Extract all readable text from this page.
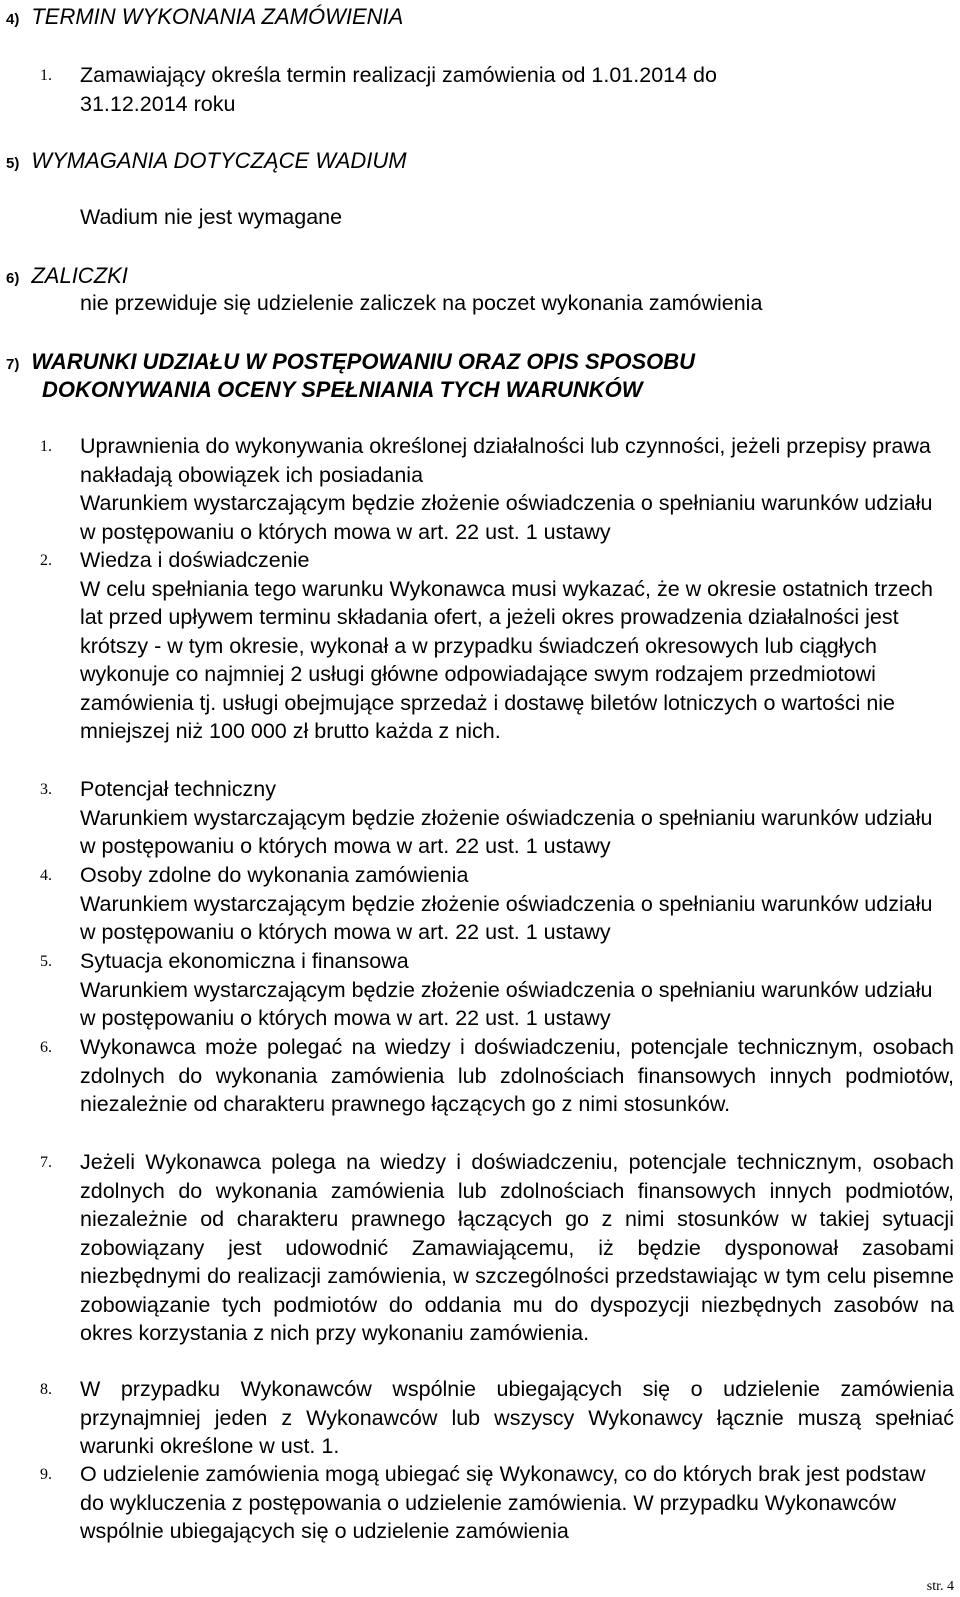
4) TERMIN WYKONANIA ZAMÓWIENIA
1.	Zamawiający określa termin realizacji zamówienia od 1.01.2014 do

31.12.2014 roku

5) WYMAGANIA DOTYCZĄCE WADIUM
Wadium nie jest wymagane
6) ZALICZKI
nie przewiduje się udzielenie zaliczek na poczet wykonania zamówienia
7) WARUNKI UDZIAŁU W POSTĘPOWANIU ORAZ OPIS SPOSOBU
DOKONYWANIA OCENY SPEŁNIANIA TYCH WARUNKÓW
1.	Uprawnienia do wykonywania określonej działalności lub czynności, jeżeli przepisy prawa nakładają obowiązek ich posiadania

Warunkiem wystarczającym będzie złożenie oświadczenia o spełnianiu warunków udziału w postępowaniu o których mowa w art. 22 ust. 1 ustawy

2.	Wiedza i doświadczenie

W celu spełniania tego warunku Wykonawca musi wykazać, że w okresie ostatnich trzech lat przed upływem terminu składania ofert, a jeżeli okres prowadzenia działalności jest krótszy - w tym okresie, wykonał a w przypadku świadczeń okresowych lub ciągłych wykonuje co najmniej 2 usługi główne odpowiadające swym rodzajem przedmiotowi zamówienia tj. usługi obejmujące sprzedaż i dostawę biletów lotniczych o wartości nie mniejszej niż 100 000 zł brutto każda z nich.

3.	Potencjał techniczny

Warunkiem wystarczającym będzie złożenie oświadczenia o spełnianiu warunków udziału w postępowaniu o których mowa w art. 22 ust. 1 ustawy

4.	Osoby zdolne do wykonania zamówienia

Warunkiem wystarczającym będzie złożenie oświadczenia o spełnianiu warunków udziału w postępowaniu o których mowa w art. 22 ust. 1 ustawy

5.	Sytuacja ekonomiczna i finansowa

Warunkiem wystarczającym będzie złożenie oświadczenia o spełnianiu warunków udziału w postępowaniu o których mowa w art. 22 ust. 1 ustawy

6.	Wykonawca może polegać na wiedzy i doświadczeniu, potencjale technicznym, osobach zdolnych do wykonania zamówienia lub zdolnościach finansowych innych podmiotów, niezależnie od charakteru prawnego łączących go z nimi stosunków.

7.	Jeżeli Wykonawca polega na wiedzy i doświadczeniu, potencjale technicznym, osobach zdolnych do wykonania zamówienia lub zdolnościach finansowych innych podmiotów, niezależnie od charakteru prawnego łączących go z nimi stosunków w takiej sytuacji zobowiązany jest udowodnić Zamawiającemu, iż będzie dysponował zasobami niezbędnymi do realizacji zamówienia, w szczególności przedstawiając w tym celu pisemne zobowiązanie tych podmiotów do oddania mu do dyspozycji niezbędnych zasobów na okres korzystania z nich przy wykonaniu zamówienia.

8.	W przypadku Wykonawców wspólnie ubiegających się o udzielenie zamówienia przynajmniej jeden z Wykonawców lub wszyscy Wykonawcy łącznie muszą spełniać warunki określone w ust. 1.

9.	O udzielenie zamówienia mogą ubiegać się Wykonawcy, co do których brak jest podstaw do wykluczenia z postępowania o udzielenie zamówienia. W przypadku Wykonawców wspólnie ubiegających się o udzielenie zamówienia

str. 4
